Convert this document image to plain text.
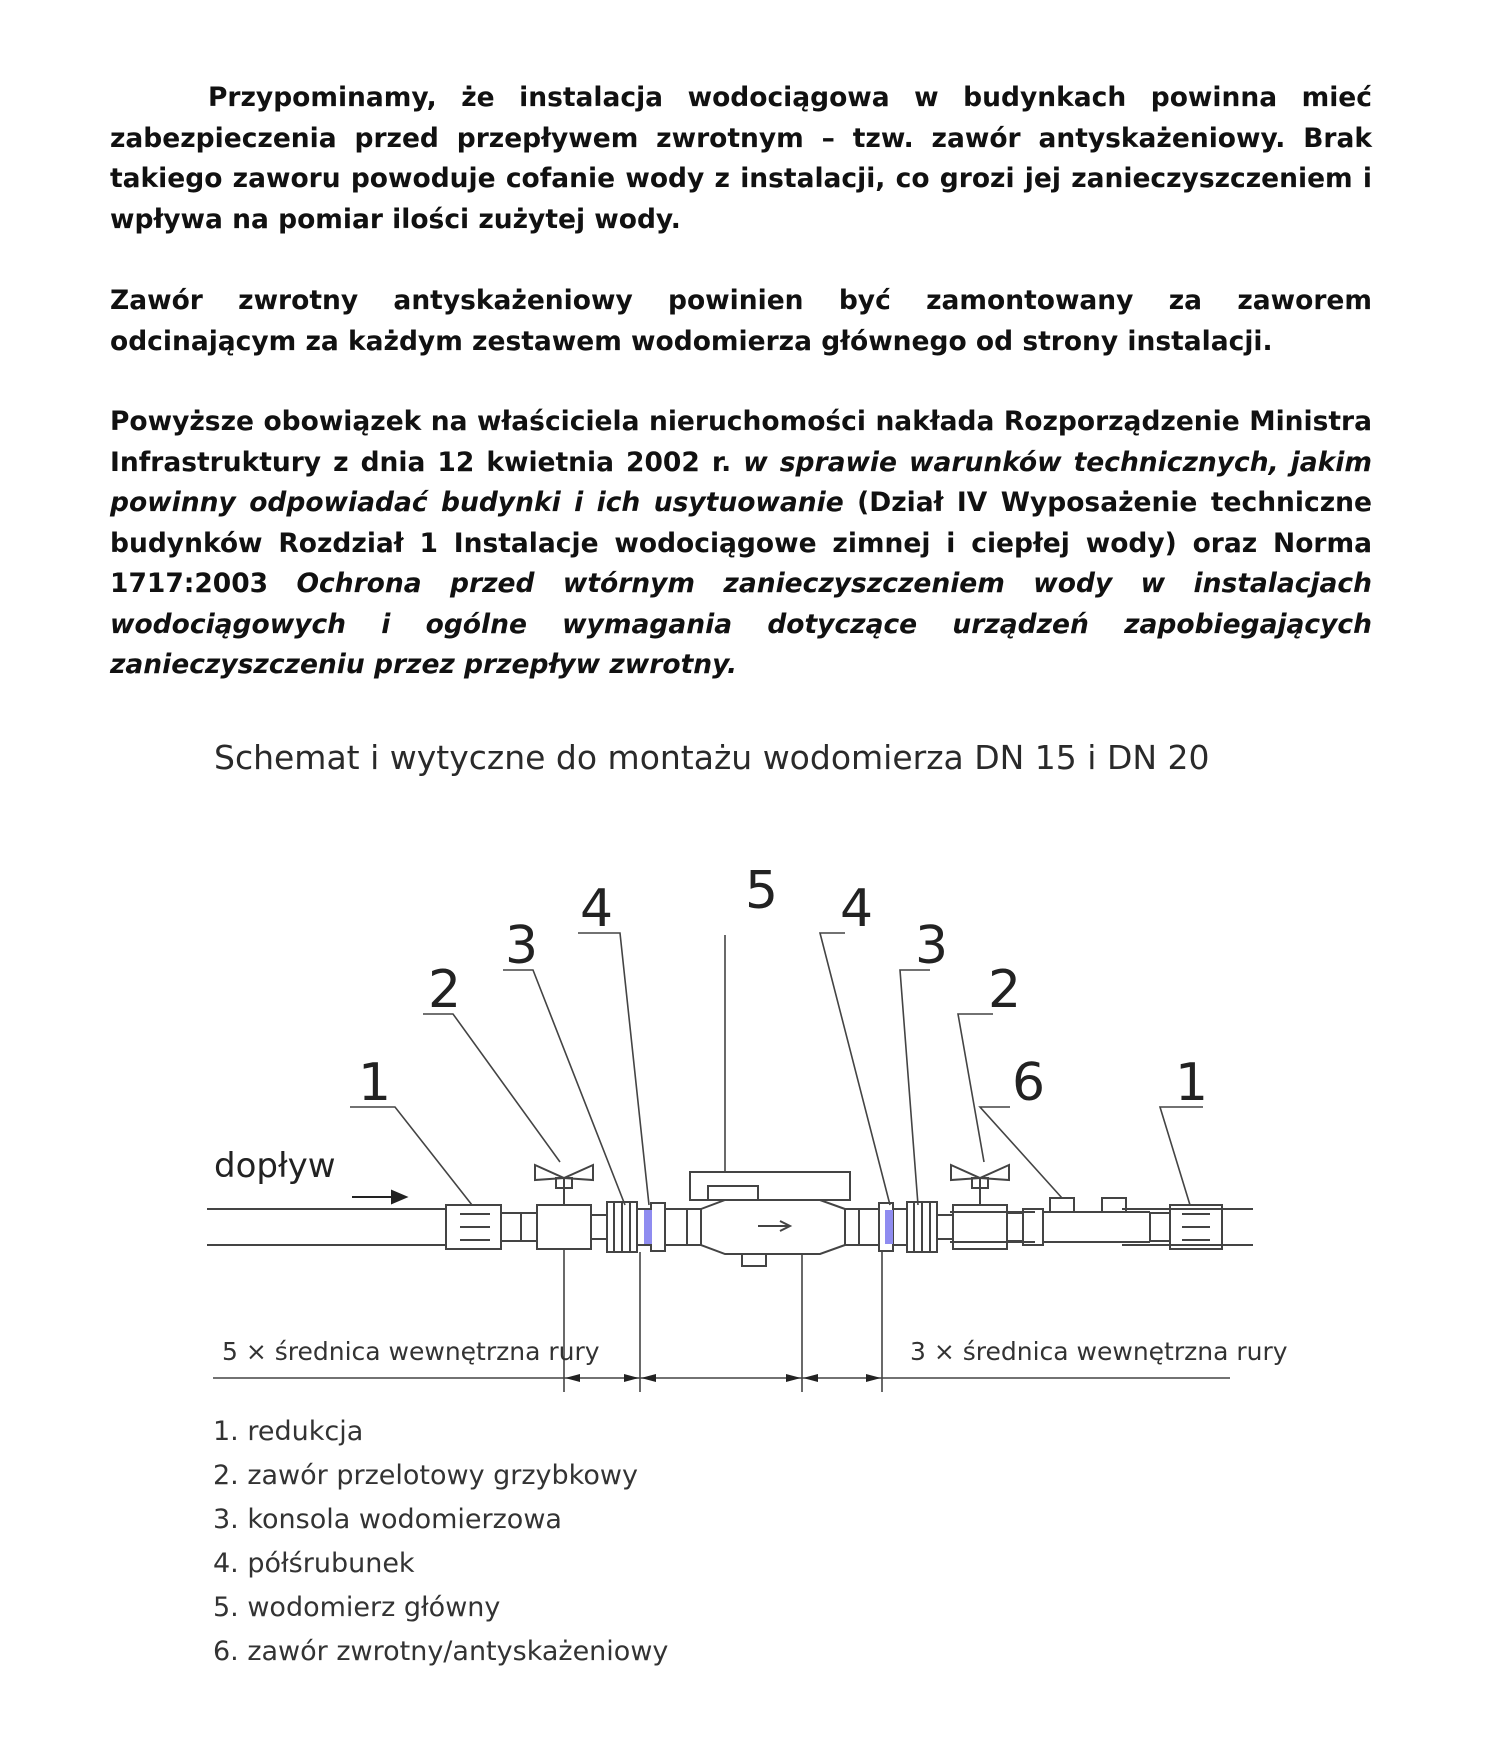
Przypominamy, że instalacja wodociągowa w budynkach powinna mieć zabezpieczenia przed przepływem zwrotnym – tzw. zawór antyskażeniowy. Brak takiego zaworu powoduje cofanie wody z instalacji, co grozi jej zanieczyszczeniem i wpływa na pomiar ilości zużytej wody.

Zawór zwrotny antyskażeniowy powinien być zamontowany za zaworem odcinającym za każdym zestawem wodomierza głównego od strony instalacji.

Powyższe obowiązek na właściciela nieruchomości nakłada Rozporządzenie Ministra Infrastruktury z dnia 12 kwietnia 2002 r. w sprawie warunków technicznych, jakim powinny odpowiadać budynki i ich usytuowanie (Dział IV Wyposażenie techniczne budynków Rozdział 1 Instalacje wodociągowe zimnej i ciepłej wody) oraz Norma 1717:2003 Ochrona przed wtórnym zanieczyszczeniem wody w instalacjach wodociągowych i ogólne wymagania dotyczące urządzeń zapobiegających zanieczyszczeniu przez przepływ zwrotny.

Schemat i wytyczne do montażu wodomierza DN 15 i DN 20
dopływ
1
2
3
4	5 4
3
2
6 1
5 × średnica wewnętrzna rury	3 × średnica wewnętrzna rury
1. redukcja
2. zawór przelotowy grzybkowy
3. konsola wodomierzowa
4. półśrubunek
5. wodomierz główny
6. zawór zwrotny/antyskażeniowy
